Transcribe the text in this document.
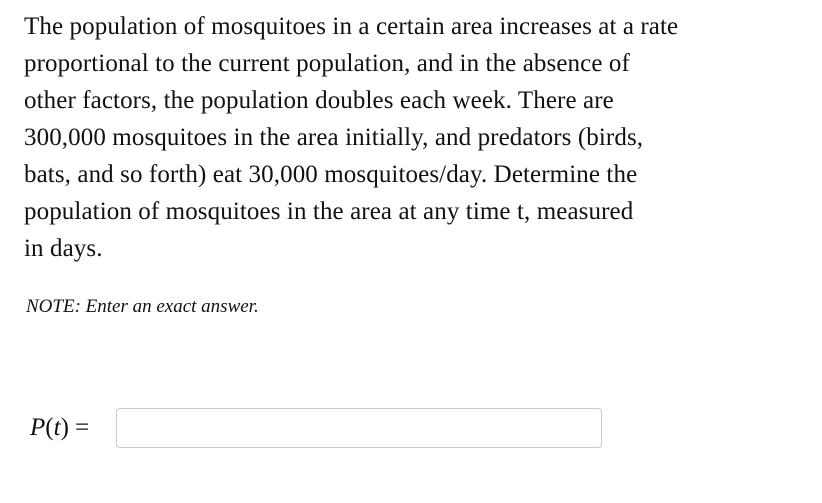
The population of mosquitoes in a certain area increases at a rate
proportional to the current population, and in the absence of
other factors, the population doubles each week. There are
300,000 mosquitoes in the area initially, and predators (birds,
bats, and so forth) eat 30,000 mosquitoes/day. Determine the
population of mosquitoes in the area at any time t, measured
in days.
NOTE: Enter an exact answer.
P(t) =
